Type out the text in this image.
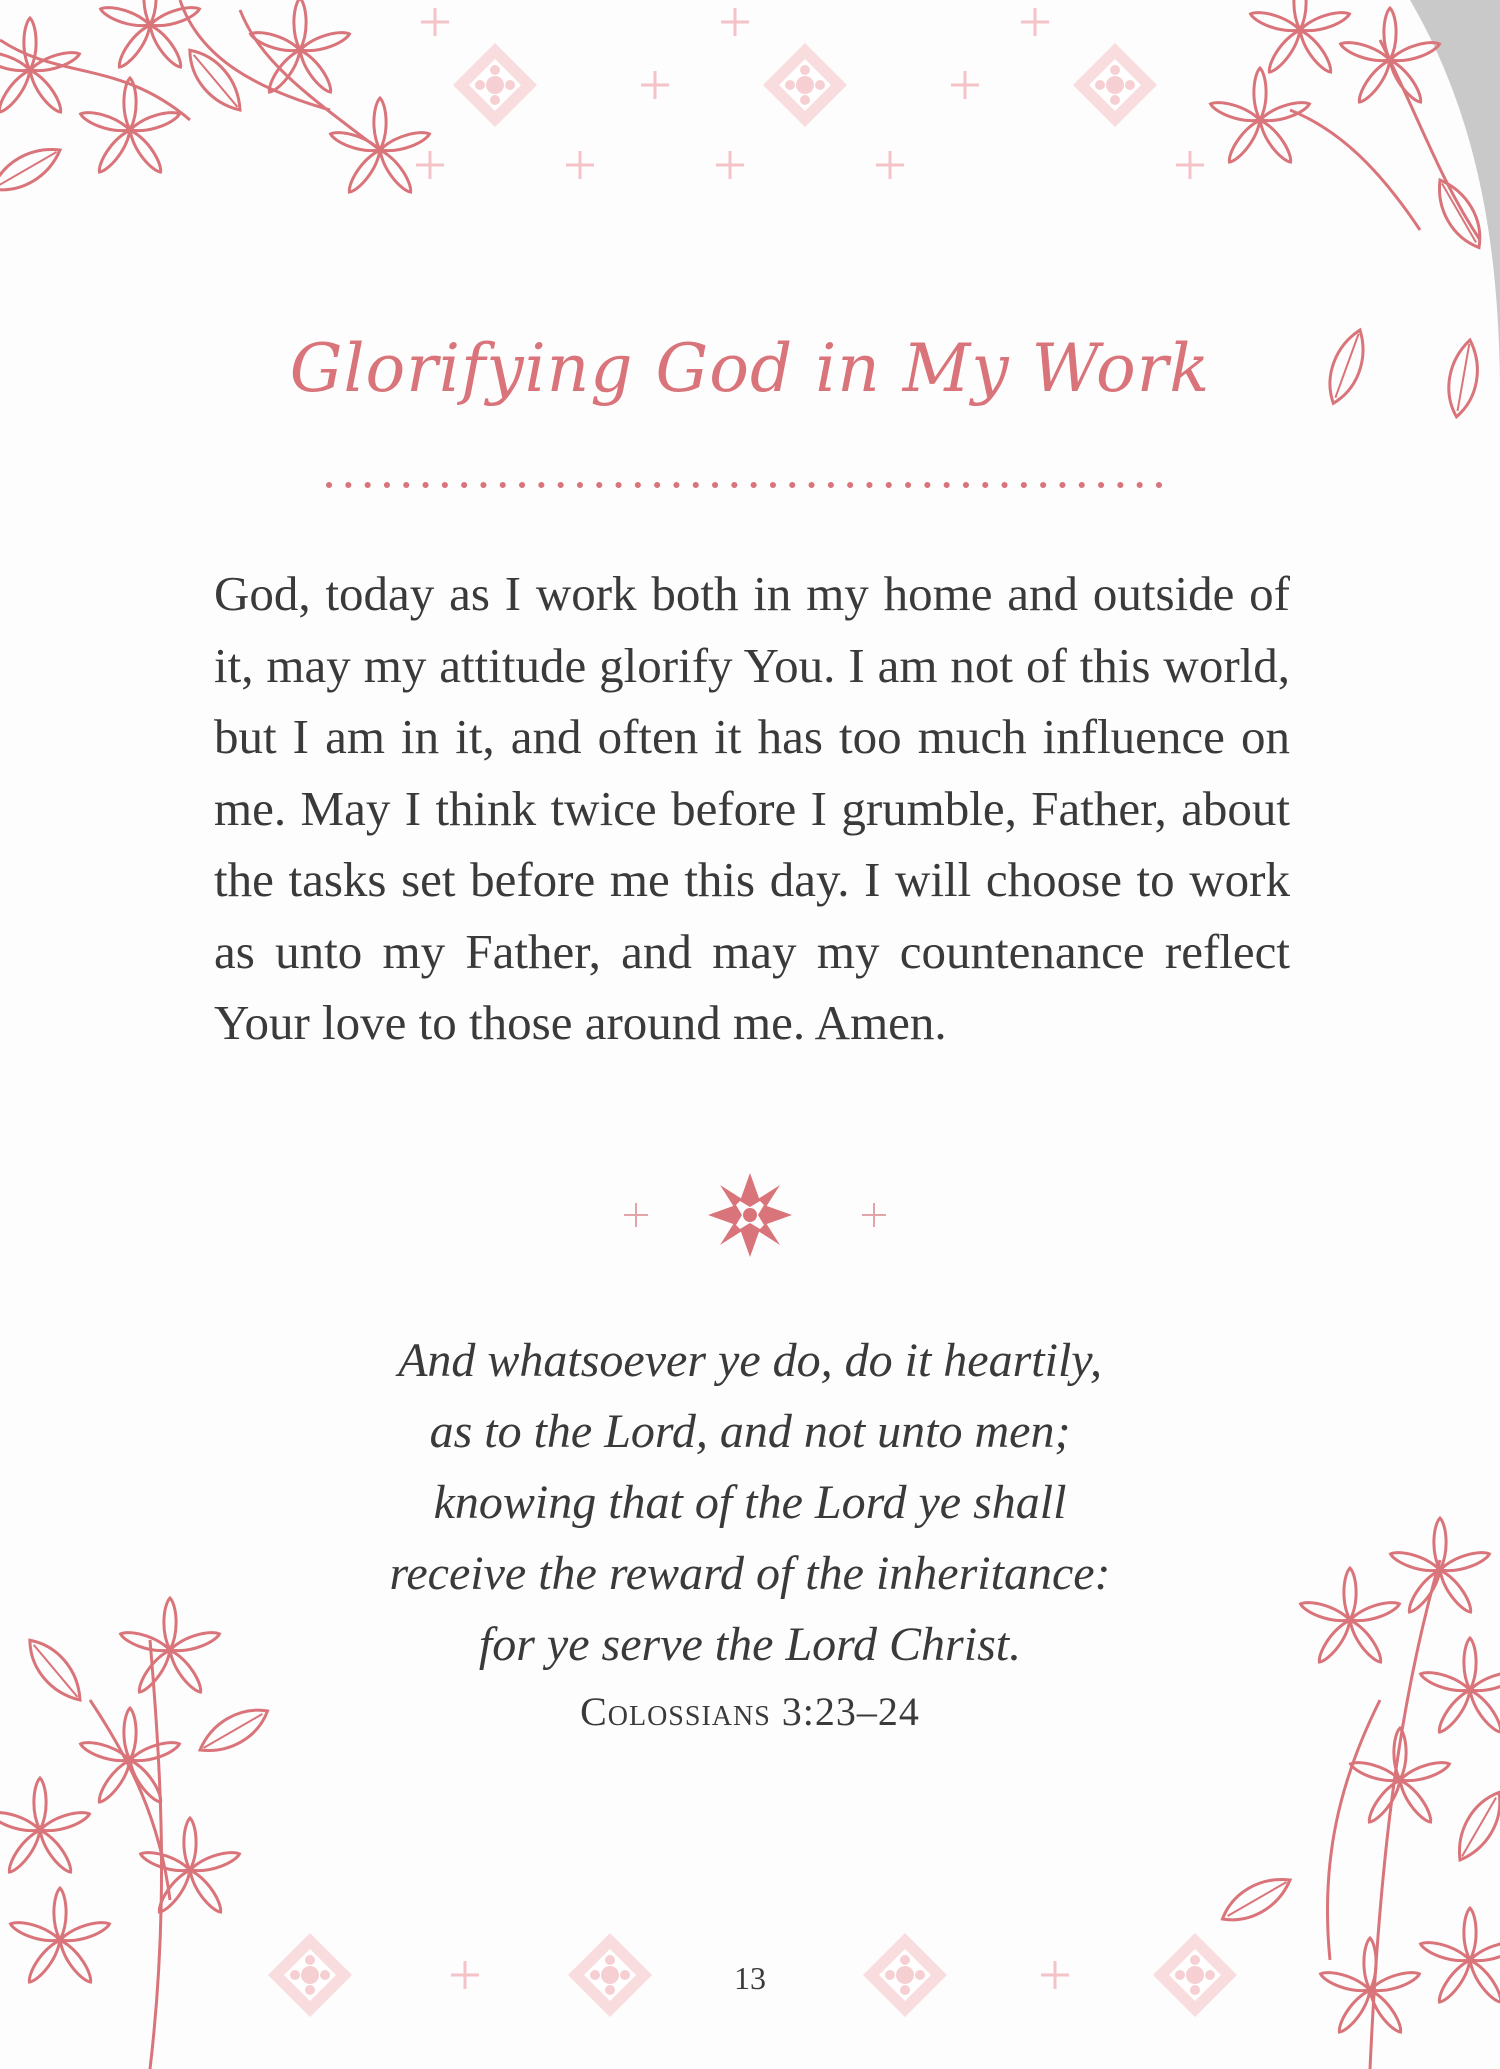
Glorifying God in My Work

God, today as I work both in my home and outside of it, may my attitude glorify You. I am not of this world, but I am in it, and often it has too much influence on me. May I think twice before I grumble, Father, about the tasks set before me this day. I will choose to work as unto my Father, and may my countenance reflect Your love to those around me. Amen.

And whatsoever ye do, do it heartily,
as to the Lord, and not unto men;
knowing that of the Lord ye shall
receive the reward of the inheritance:
for ye serve the Lord Christ.

Colossians 3:23–24
13
